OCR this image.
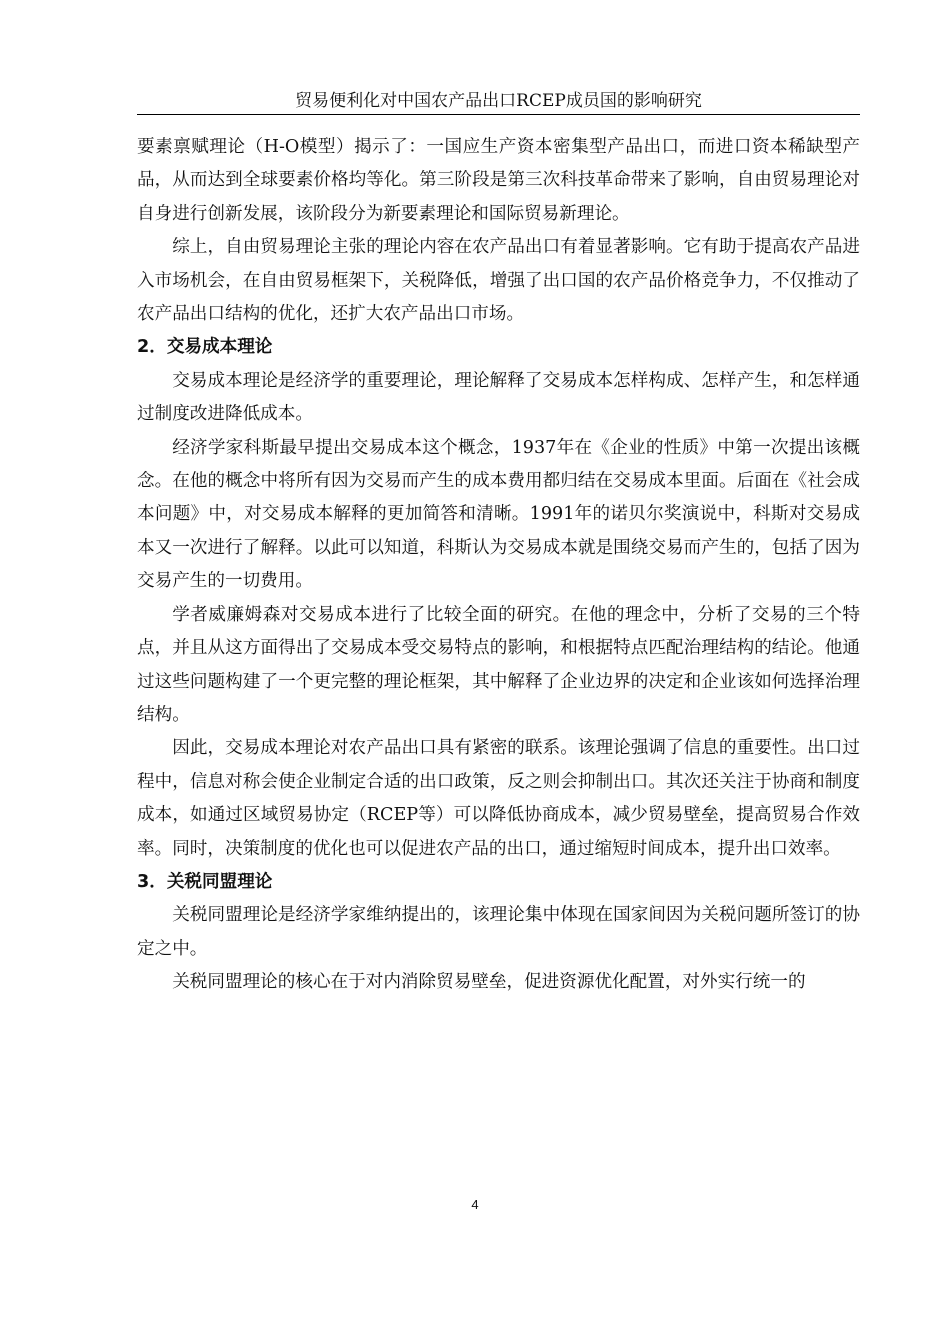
贸易便利化对中国农产品出口RCEP成员国的影响研究

要素禀赋理论（H-O模型）揭示了：一国应生产资本密集型产品出口，而进口资本稀缺型产品，从而达到全球要素价格均等化。第三阶段是第三次科技革命带来了影响，自由贸易理论对自身进行创新发展，该阶段分为新要素理论和国际贸易新理论。

综上，自由贸易理论主张的理论内容在农产品出口有着显著影响。它有助于提高农产品进入市场机会，在自由贸易框架下，关税降低，增强了出口国的农产品价格竞争力，不仅推动了农产品出口结构的优化，还扩大农产品出口市场。

2．交易成本理论

交易成本理论是经济学的重要理论，理论解释了交易成本怎样构成、怎样产生，和怎样通过制度改进降低成本。

经济学家科斯最早提出交易成本这个概念，1937年在《企业的性质》中第一次提出该概念。在他的概念中将所有因为交易而产生的成本费用都归结在交易成本里面。后面在《社会成本问题》中，对交易成本解释的更加简答和清晰。1991年的诺贝尔奖演说中，科斯对交易成本又一次进行了解释。以此可以知道，科斯认为交易成本就是围绕交易而产生的，包括了因为交易产生的一切费用。

学者威廉姆森对交易成本进行了比较全面的研究。在他的理念中，分析了交易的三个特点，并且从这方面得出了交易成本受交易特点的影响，和根据特点匹配治理结构的结论。他通过这些问题构建了一个更完整的理论框架，其中解释了企业边界的决定和企业该如何选择治理结构。

因此，交易成本理论对农产品出口具有紧密的联系。该理论强调了信息的重要性。出口过程中，信息对称会使企业制定合适的出口政策，反之则会抑制出口。其次还关注于协商和制度成本，如通过区域贸易协定（RCEP等）可以降低协商成本，减少贸易壁垒，提高贸易合作效率。同时，决策制度的优化也可以促进农产品的出口，通过缩短时间成本，提升出口效率。

3．关税同盟理论

关税同盟理论是经济学家维纳提出的，该理论集中体现在国家间因为关税问题所签订的协定之中。

关税同盟理论的核心在于对内消除贸易壁垒，促进资源优化配置，对外实行统一的

4
